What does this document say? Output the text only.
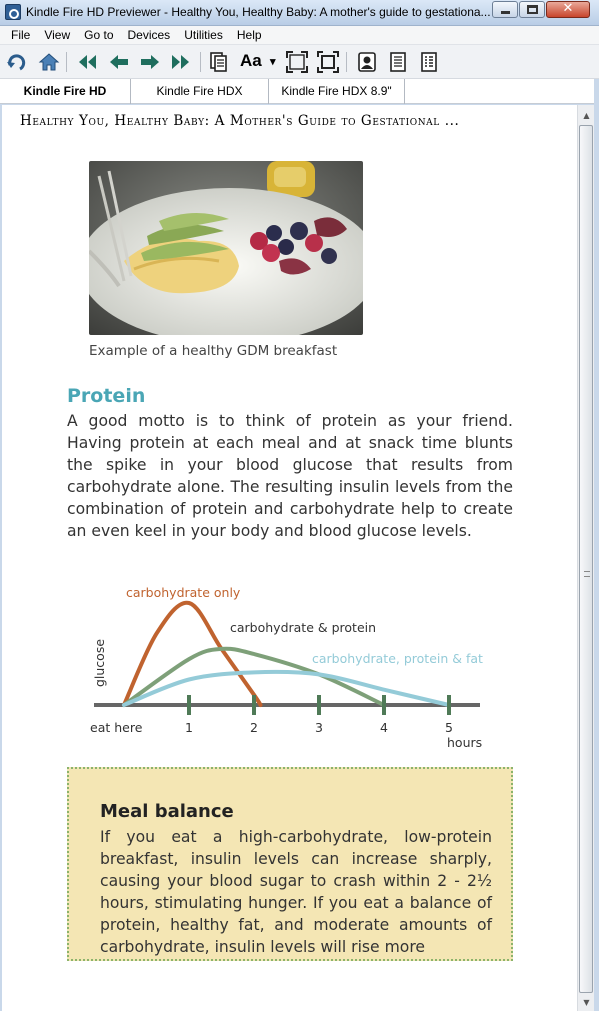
Kindle Fire HD Previewer - Healthy You, Healthy Baby: A mother's guide to gestationa...	✕
File	View	Go to	Devices	Utilities	Help
Aa ▾
Kindle Fire HD	Kindle Fire HDX	Kindle Fire HDX 8.9"
Healthy You, Healthy Baby: A Mother's Guide to Gestational ...
Example of a healthy GDM breakfast
Protein
A good motto is to think of protein as your friend. Having protein at each meal and at snack time blunts the spike in your blood glucose that results from carbohydrate alone. The resulting insulin levels from the combination of protein and carbohydrate help to create an even keel in your body and blood glucose levels.
carbohydrate only
carbohydrate & protein
carbohydrate, protein & fat
1	2	3	4	5
eat here
hours
glucose
Meal balance
If you eat a high-carbohydrate, low-protein breakfast, insulin levels can increase sharply, causing your blood sugar to crash within 2 - 2½ hours, stimulating hunger. If you eat a balance of protein, healthy fat, and moderate amounts of carbohydrate, insulin levels will rise more
▲
▼
